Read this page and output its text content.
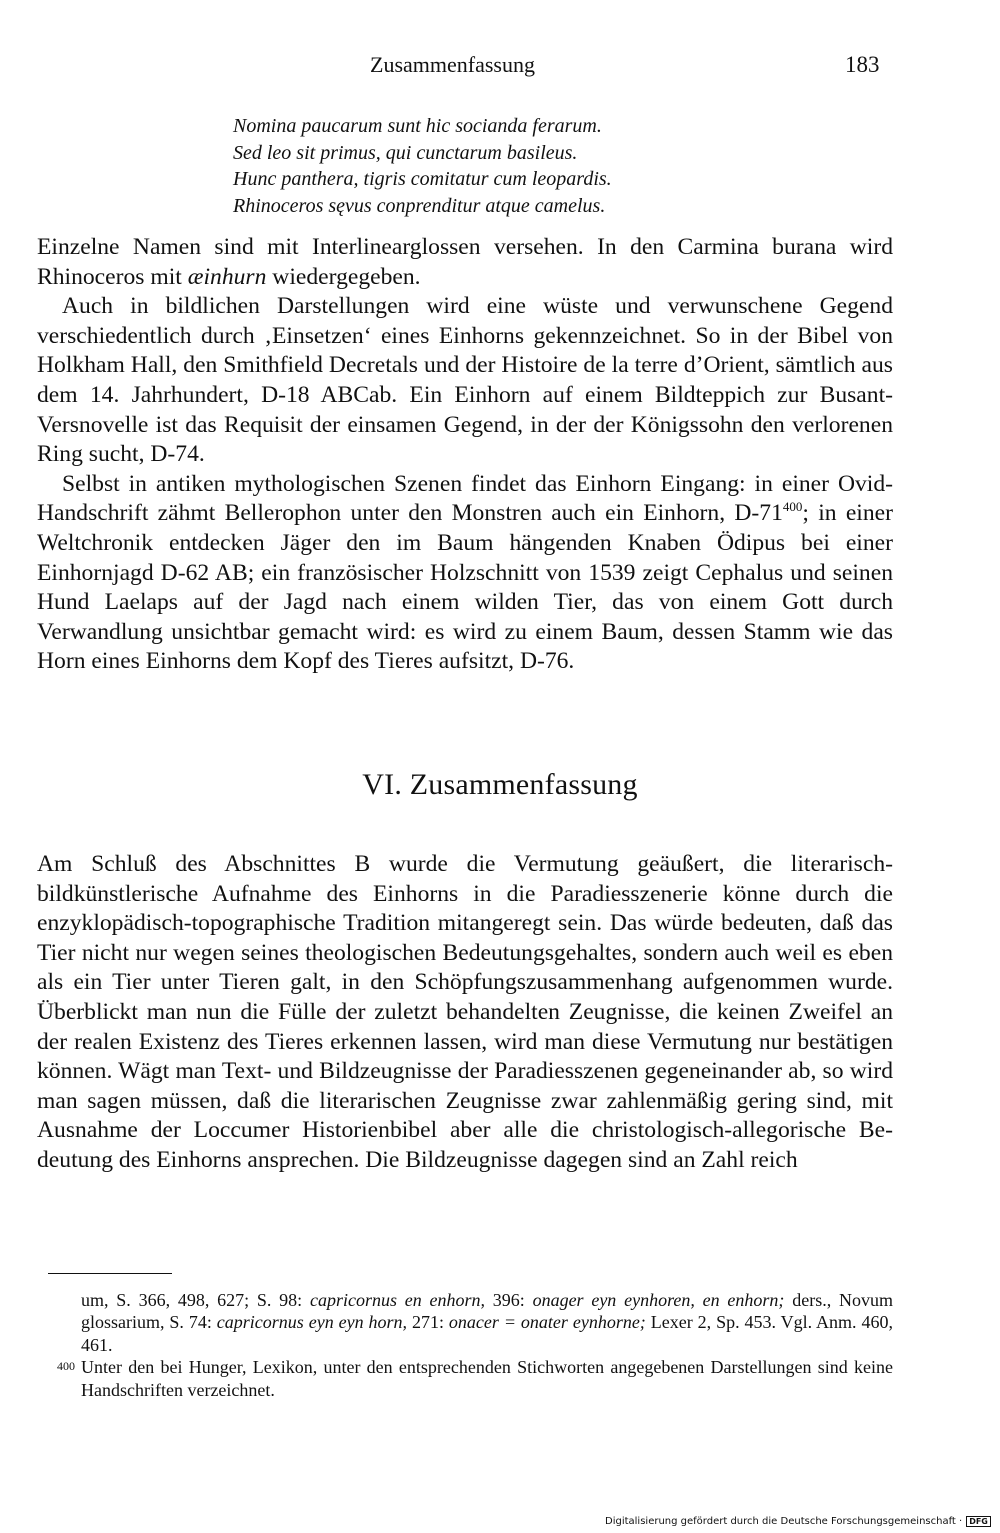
Zusammenfassung	183
Nomina paucarum sunt hic socianda ferarum.
Sed leo sit primus, qui cunctarum basileus.
Hunc panthera, tigris comitatur cum leopardis.
Rhinoceros sęvus conprenditur atque camelus.

Einzelne Namen sind mit Interlinearglossen versehen. In den Carmina burana wird Rhinoceros mit æinhurn wiedergegeben.

Auch in bildlichen Darstellungen wird eine wüste und verwunschene Gegend verschiedentlich durch ‚Einsetzen‘ eines Einhorns gekennzeichnet. So in der Bibel von Holkham Hall, den Smithfield Decretals und der Histoire de la terre d’Orient, sämtlich aus dem 14. Jahrhundert, D-18 ABCab. Ein Einhorn auf einem Bildteppich zur Busant-Versnovelle ist das Requisit der einsamen Gegend, in der der Königssohn den verlorenen Ring sucht, D-74.

Selbst in antiken mythologischen Szenen findet das Einhorn Eingang: in einer Ovid-Handschrift zähmt Bellerophon unter den Monstren auch ein Einhorn, $D-71^{400}$; in einer Weltchronik entdecken Jäger den im Baum hängenden Knaben Ödipus bei einer Einhornjagd D-62 AB; ein französischer Holzschnitt von 1539 zeigt Cephalus und seinen Hund Laelaps auf der Jagd nach einem wilden Tier, das von einem Gott durch Verwandlung unsichtbar gemacht wird: es wird zu einem Baum, dessen Stamm wie das Horn eines Einhorns dem Kopf des Tieres aufsitzt, D-76.

VI. Zusammenfassung

Am Schluß des Abschnittes B wurde die Vermutung geäußert, die literarisch-bildkünstlerische Aufnahme des Einhorns in die Paradiesszenerie könne durch die enzyklopädisch-topographische Tradition mitangeregt sein. Das würde bedeuten, daß das Tier nicht nur wegen seines theologischen Bedeutungsgehaltes, sondern auch weil es eben als ein Tier unter Tieren galt, in den Schöpfungszusammenhang aufgenommen wurde. Überblickt man nun die Fülle der zuletzt behandelten Zeugnisse, die keinen Zweifel an der realen Existenz des Tieres erkennen lassen, wird man diese Vermutung nur bestätigen können. Wägt man Text- und Bildzeugnisse der Paradiesszenen gegeneinander ab, so wird man sagen müssen, daß die literarischen Zeugnisse zwar zahlenmäßig gering sind, mit Ausnahme der Loccumer Historienbibel aber alle die christologisch-allegorische Bedeutung des Einhorns ansprechen. Die Bildzeugnisse dagegen sind an Zahl reich

um, S. 366, 498, 627; S. 98: capricornus en enhorn, 396: onager eyn eynhoren, en enhorn; ders., Novum glossarium, S. 74: capricornus eyn eyn horn, 271: onacer = onater eynhorne; Lexer 2, Sp. 453. Vgl. Anm. 460, 461.

400 Unter den bei Hunger, Lexikon, unter den entsprechenden Stichworten angegebenen Darstellungen sind keine Handschriften verzeichnet.

Digitalisierung gefördert durch die Deutsche Forschungsgemeinschaft · DFG
